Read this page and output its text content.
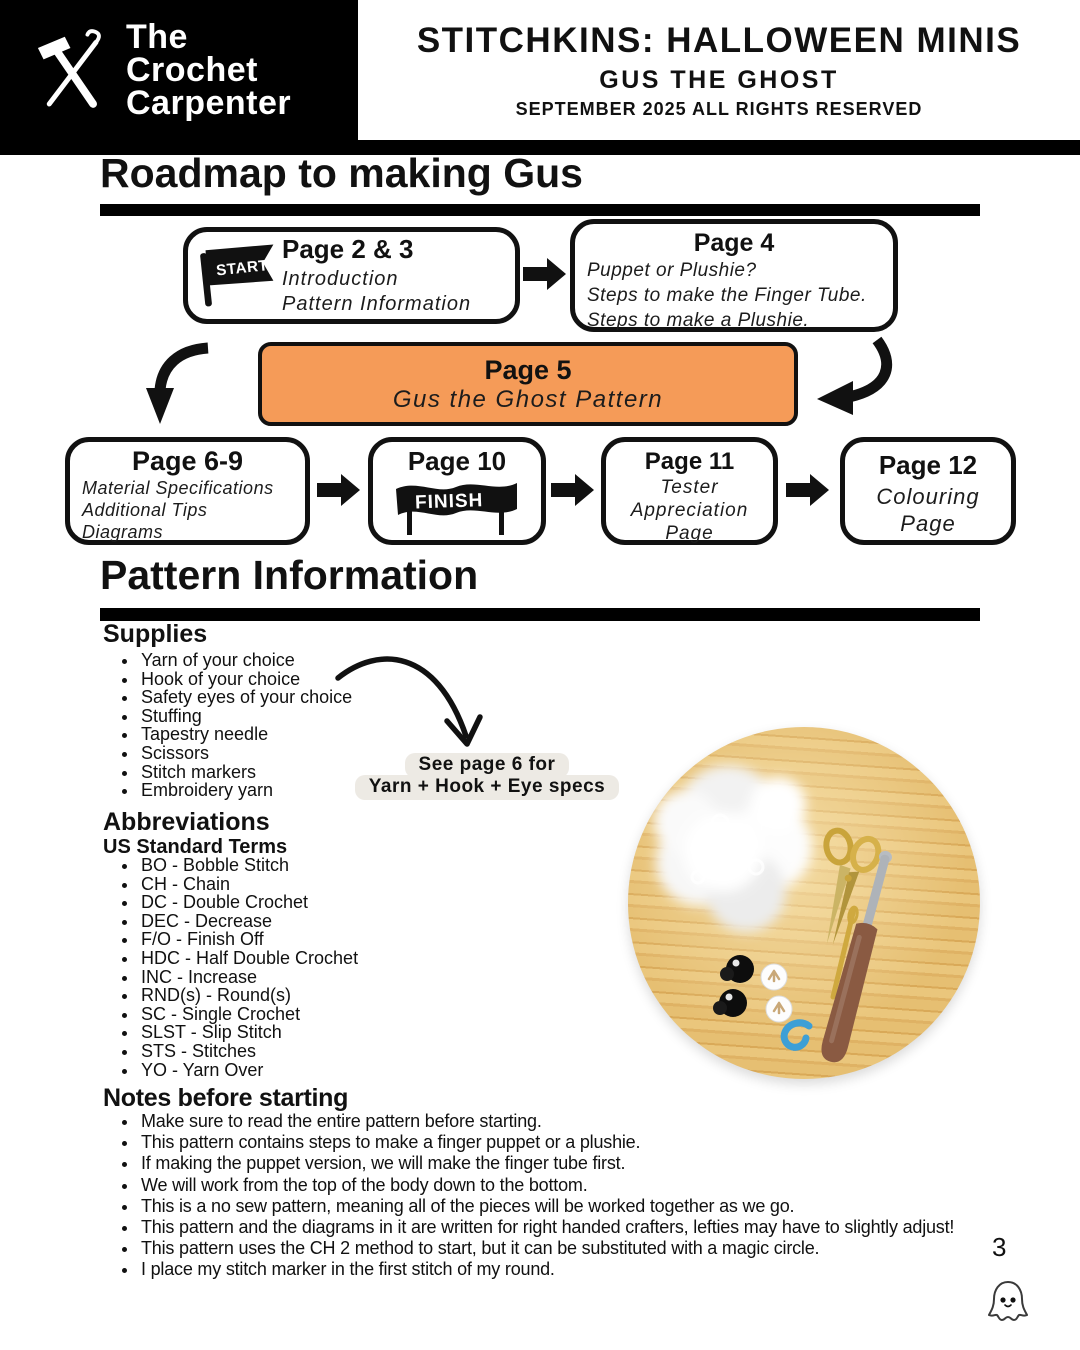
The
Crochet
Carpenter
STITCHKINS: HALLOWEEN MINIS
GUS THE GHOST
SEPTEMBER 2025 ALL RIGHTS RESERVED
Roadmap to making Gus
START
Page 2 & 3
Introduction
Pattern Information
Page 4
Puppet or Plushie?
Steps to make the Finger Tube.
Steps to make a Plushie.
Page 5
Gus the Ghost Pattern
Page 6-9
Material Specifications
Additional Tips
Diagrams
Page 10
FINISH
Page 11
Tester
Appreciation
Page
Page 12
Colouring
Page
Pattern Information
Supplies
• Yarn of your choice
• Hook of your choice
• Safety eyes of your choice
• Stuffing
• Tapestry needle
• Scissors
• Stitch markers
• Embroidery yarn
See page 6 for
Yarn + Hook + Eye specs
Abbreviations
US Standard Terms
• BO - Bobble Stitch
• CH - Chain
• DC - Double Crochet
• DEC - Decrease
• F/O - Finish Off
• HDC - Half Double Crochet
• INC - Increase
• RND(s) - Round(s)
• SC - Single Crochet
• SLST - Slip Stitch
• STS - Stitches
• YO - Yarn Over
Notes before starting
• Make sure to read the entire pattern before starting.
• This pattern contains steps to make a finger puppet or a plushie.
• If making the puppet version, we will make the finger tube first.
• We will work from the top of the body down to the bottom.
• This is a no sew pattern, meaning all of the pieces will be worked together as we go.
• This pattern and the diagrams in it are written for right handed crafters, lefties may have to slightly adjust!
• This pattern uses the CH 2 method to start, but it can be substituted with a magic circle.
• I place my stitch marker in the first stitch of my round.
3
